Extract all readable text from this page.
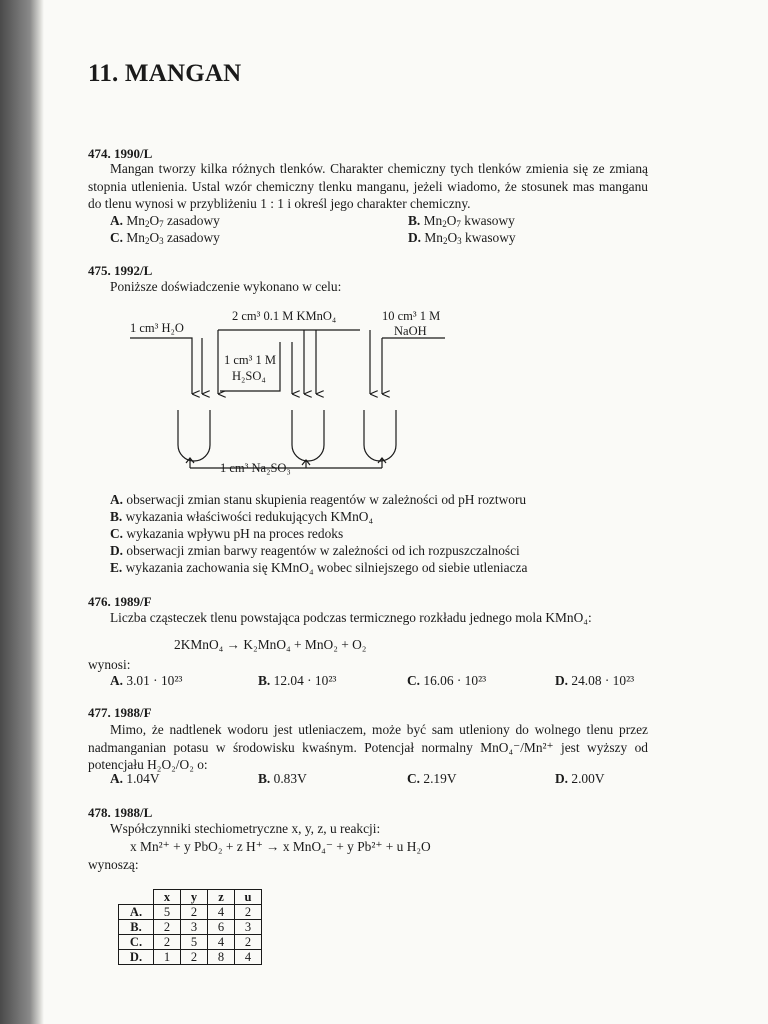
11. MANGAN
474. 1990/L
Mangan tworzy kilka różnych tlenków. Charakter chemiczny tych tlenków zmienia się ze zmianą stopnia utlenienia. Ustal wzór chemiczny tlenku manganu, jeżeli wiadomo, że stosunek mas manganu do tlenu wynosi w przybliżeniu 1 : 1 i określ jego charakter chemiczny.
A. $Mn_2O_7$ zasadowy	B. $Mn_2O_7$ kwasowy
C. $Mn_2O_3$ zasadowy	D. $Mn_2O_3$ kwasowy
475. 1992/L
Poniższe doświadczenie wykonano w celu:
1 cm³ H₂O
2 cm³ 0.1 M KMnO₄	10 cm³ 1 M
NaOH
1 cm³ 1 M
H₂SO₄
1 cm³ Na₂SO₃
A. obserwacji zmian stanu skupienia reagentów w zależności od pH roztworu
B. wykazania właściwości redukujących KMnO₄
C. wykazania wpływu pH na proces redoks
D. obserwacji zmian barwy reagentów w zależności od ich rozpuszczalności
E. wykazania zachowania się KMnO₄ wobec silniejszego od siebie utleniacza
476. 1989/F
Liczba cząsteczek tlenu powstająca podczas termicznego rozkładu jednego mola KMnO₄:
2KMnO₄ → K₂MnO₄ + MnO₂ + O₂
wynosi:
A. 3.01 · 10²³	B. 12.04 · 10²³	C. 16.06 · 10²³	D. 24.08 · 10²³
477. 1988/F
Mimo, że nadtlenek wodoru jest utleniaczem, może być sam utleniony do wolnego tlenu przez nadmanganian potasu w środowisku kwaśnym. Potencjał normalny MnO₄⁻/Mn²⁺ jest wyższy od potencjału H₂O₂/O₂ o:
A. 1.04V	B. 0.83V	C. 2.19V	D. 2.00V
478. 1988/L
Współczynniki stechiometryczne x, y, z, u reakcji:
x Mn²⁺ + y PbO₂ + z H⁺ → x MnO₄⁻ + y Pb²⁺ + u H₂O
wynoszą:
	x	y	z	u
A.	5	2	4	2
B.	2	3	6	3
C.	2	5	4	2
D.	1	2	8	4
